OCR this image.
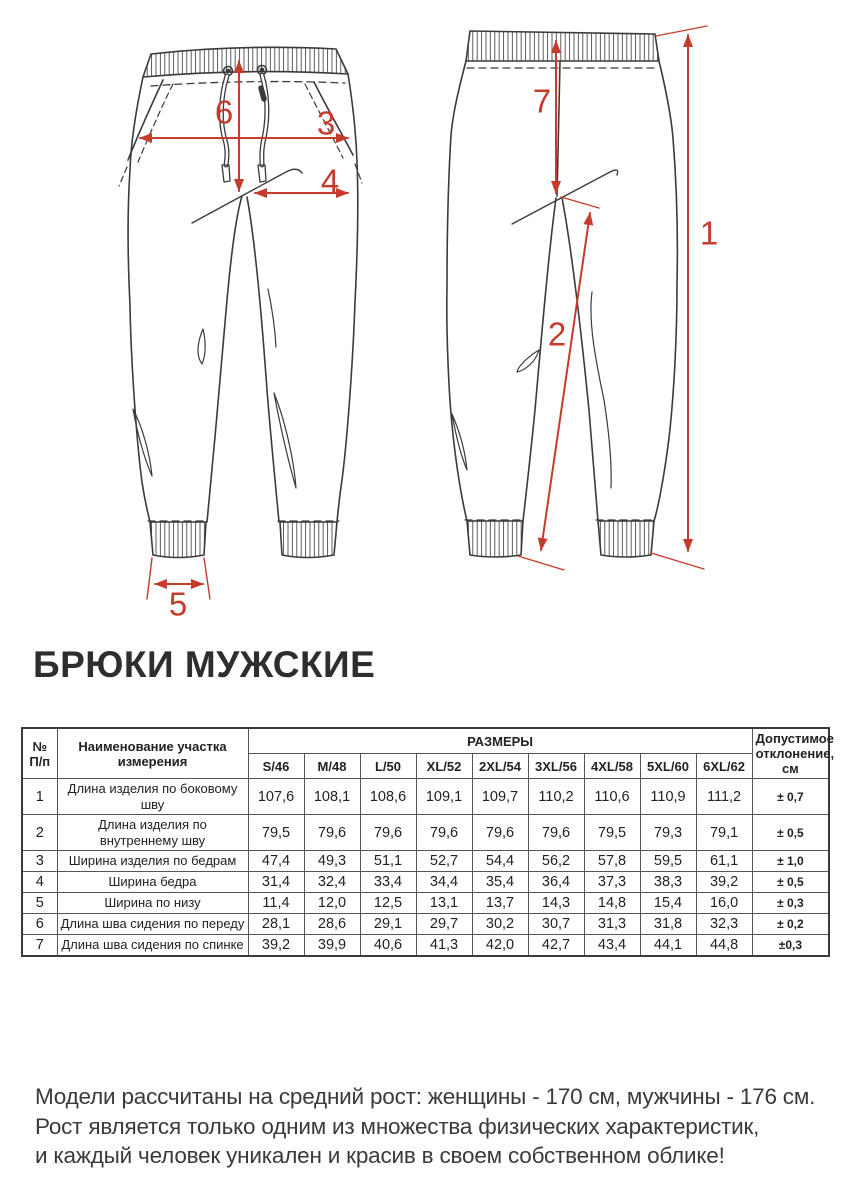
6	3
4
5
7
2
1
БРЮКИ МУЖСКИЕ
№ П/п	Наименование участка измерения	РАЗМЕРЫ									Допустимое отклонение, см
		S/46	M/48	L/50	XL/52	2XL/54	3XL/56	4XL/58	5XL/60	6XL/62	
1	Длина изделия по боковому шву	107,6	108,1	108,6	109,1	109,7	110,2	110,6	110,9	111,2	± 0,7
2	Длина изделия по внутреннему шву	79,5	79,6	79,6	79,6	79,6	79,6	79,5	79,3	79,1	± 0,5
3	Ширина изделия по бедрам	47,4	49,3	51,1	52,7	54,4	56,2	57,8	59,5	61,1	± 1,0
4	Ширина бедра	31,4	32,4	33,4	34,4	35,4	36,4	37,3	38,3	39,2	± 0,5
5	Ширина по низу	11,4	12,0	12,5	13,1	13,7	14,3	14,8	15,4	16,0	± 0,3
6	Длина шва сидения по переду	28,1	28,6	29,1	29,7	30,2	30,7	31,3	31,8	32,3	± 0,2
7	Длина шва сидения по спинке	39,2	39,9	40,6	41,3	42,0	42,7	43,4	44,1	44,8	±0,3
Модели рассчитаны на средний рост: женщины - 170 см, мужчины - 176 см.
Рост является только одним из множества физических характеристик,
и каждый человек уникален и красив в своем собственном облике!
